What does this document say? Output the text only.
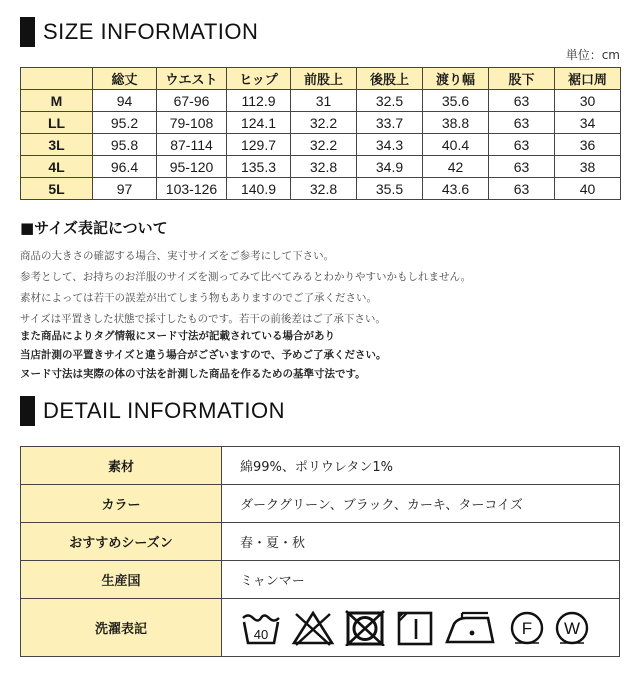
SIZE INFORMATION
単位：cm
	総丈	ウエスト	ヒップ	前股上	後股上	渡り幅	股下	裾口周
M	94	67-96	112.9	31	32.5	35.6	63	30
LL	95.2	79-108	124.1	32.2	33.7	38.8	63	34
3L	95.8	87-114	129.7	32.2	34.3	40.4	63	36
4L	96.4	95-120	135.3	32.8	34.9	42	63	38
5L	97	103-126	140.9	32.8	35.5	43.6	63	40
■サイズ表記について
商品の大きさの確認する場合、実寸サイズをご参考にして下さい。
参考として、お持ちのお洋服のサイズを測ってみて比べてみるとわかりやすいかもしれません。
素材によっては若干の誤差が出てしまう物もありますのでご了承ください。
サイズは平置きした状態で採寸したものです。若干の前後差はご了承下さい。
また商品によりタグ情報にヌード寸法が記載されている場合があり
当店計測の平置きサイズと違う場合がございますので、予めご了承ください。
ヌード寸法は実際の体の寸法を計測した商品を作るための基準寸法です。
DETAIL INFORMATION
素材	綿99%、ポリウレタン1%
カラー	ダークグリーン、ブラック、カーキ、ターコイズ
おすすめシーズン	春・夏・秋
生産国	ミャンマー
洗濯表記	40 F W
